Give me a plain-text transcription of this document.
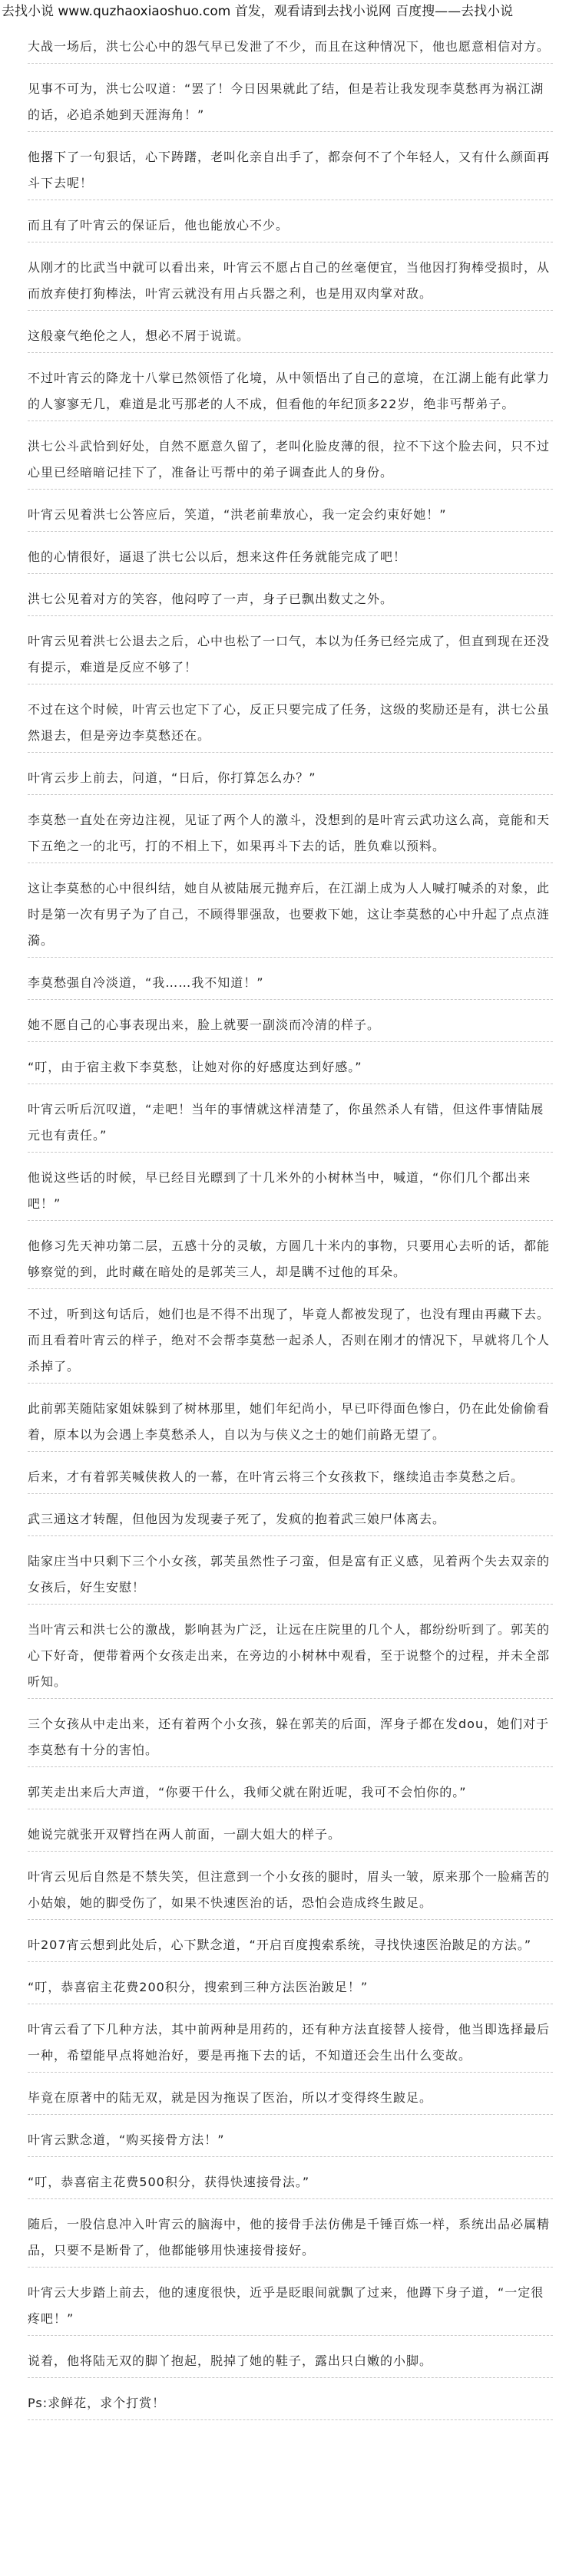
去找小说 www.quzhaoxiaoshuo.com 首发，观看请到去找小说网 百度搜——去找小说

大战一场后，洪七公心中的怨气早已发泄了不少，而且在这种情况下，他也愿意相信对方。

见事不可为，洪七公叹道：“罢了！今日因果就此了结，但是若让我发现李莫愁再为祸江湖的话，必追杀她到天涯海角！”

他撂下了一句狠话，心下踌躇，老叫化亲自出手了，都奈何不了个年轻人，又有什么颜面再斗下去呢！

而且有了叶宵云的保证后，他也能放心不少。

从刚才的比武当中就可以看出来，叶宵云不愿占自己的丝毫便宜，当他因打狗棒受损时，从而放弃使打狗棒法，叶宵云就没有用占兵器之利，也是用双肉掌对敌。

这般豪气绝伦之人，想必不屑于说谎。

不过叶宵云的降龙十八掌已然领悟了化境，从中领悟出了自己的意境，在江湖上能有此掌力的人寥寥无几，难道是北丐那老的人不成，但看他的年纪顶多22岁，绝非丐帮弟子。

洪七公斗武恰到好处，自然不愿意久留了，老叫化脸皮薄的很，拉不下这个脸去问，只不过心里已经暗暗记挂下了，准备让丐帮中的弟子调查此人的身份。

叶宵云见着洪七公答应后，笑道，“洪老前辈放心，我一定会约束好她！”

他的心情很好，逼退了洪七公以后，想来这件任务就能完成了吧！

洪七公见着对方的笑容，他闷哼了一声，身子已飘出数丈之外。

叶宵云见着洪七公退去之后，心中也松了一口气，本以为任务已经完成了，但直到现在还没有提示，难道是反应不够了！

不过在这个时候，叶宵云也定下了心，反正只要完成了任务，这级的奖励还是有，洪七公虽然退去，但是旁边李莫愁还在。

叶宵云步上前去，问道，“日后，你打算怎么办？”

李莫愁一直处在旁边注视，见证了两个人的激斗，没想到的是叶宵云武功这么高，竟能和天下五绝之一的北丐，打的不相上下，如果再斗下去的话，胜负难以预料。

这让李莫愁的心中很纠结，她自从被陆展元抛弃后，在江湖上成为人人喊打喊杀的对象，此时是第一次有男子为了自己，不顾得罪强敌，也要救下她，这让李莫愁的心中升起了点点涟漪。

李莫愁强自冷淡道，“我……我不知道！”

她不愿自己的心事表现出来，脸上就要一副淡而冷清的样子。

“叮，由于宿主救下李莫愁，让她对你的好感度达到好感。”

叶宵云听后沉叹道，“走吧！当年的事情就这样清楚了，你虽然杀人有错，但这件事情陆展元也有责任。”

他说这些话的时候，早已经目光瞟到了十几米外的小树林当中，喊道，“你们几个都出来吧！”

他修习先天神功第二层，五感十分的灵敏，方圆几十米内的事物，只要用心去听的话，都能够察觉的到，此时藏在暗处的是郭芙三人，却是瞒不过他的耳朵。

不过，听到这句话后，她们也是不得不出现了，毕竟人都被发现了，也没有理由再藏下去。而且看着叶宵云的样子，绝对不会帮李莫愁一起杀人，否则在刚才的情况下，早就将几个人杀掉了。

此前郭芙随陆家姐妹躲到了树林那里，她们年纪尚小，早已吓得面色惨白，仍在此处偷偷看着，原本以为会遇上李莫愁杀人，自以为与侠义之士的她们前路无望了。

后来，才有着郭芙喊侠救人的一幕，在叶宵云将三个女孩救下，继续追击李莫愁之后。

武三通这才转醒，但他因为发现妻子死了，发疯的抱着武三娘尸体离去。

陆家庄当中只剩下三个小女孩，郭芙虽然性子刁蛮，但是富有正义感，见着两个失去双亲的女孩后，好生安慰！

当叶宵云和洪七公的激战，影响甚为广泛，让远在庄院里的几个人，都纷纷听到了。郭芙的心下好奇，便带着两个女孩走出来，在旁边的小树林中观看，至于说整个的过程，并未全部听知。

三个女孩从中走出来，还有着两个小女孩，躲在郭芙的后面，浑身子都在发dou，她们对于李莫愁有十分的害怕。

郭芙走出来后大声道，“你要干什么，我师父就在附近呢，我可不会怕你的。”

她说完就张开双臂挡在两人前面，一副大姐大的样子。

叶宵云见后自然是不禁失笑，但注意到一个小女孩的腿时，眉头一皱，原来那个一脸痛苦的小姑娘，她的脚受伤了，如果不快速医治的话，恐怕会造成终生跛足。

叶207宵云想到此处后，心下默念道，“开启百度搜索系统，寻找快速医治跛足的方法。”

“叮，恭喜宿主花费200积分，搜索到三种方法医治跛足！”

叶宵云看了下几种方法，其中前两种是用药的，还有种方法直接替人接骨，他当即选择最后一种，希望能早点将她治好，要是再拖下去的话，不知道还会生出什么变故。

毕竟在原著中的陆无双，就是因为拖误了医治，所以才变得终生跛足。

叶宵云默念道，“购买接骨方法！”

“叮，恭喜宿主花费500积分，获得快速接骨法。”

随后，一股信息冲入叶宵云的脑海中，他的接骨手法仿佛是千锤百炼一样，系统出品必属精品，只要不是断骨了，他都能够用快速接骨接好。

叶宵云大步踏上前去，他的速度很快，近乎是眨眼间就飘了过来，他蹲下身子道，“一定很疼吧！”

说着，他将陆无双的脚丫抱起，脱掉了她的鞋子，露出只白嫩的小脚。

Ps:求鲜花，求个打赏！
